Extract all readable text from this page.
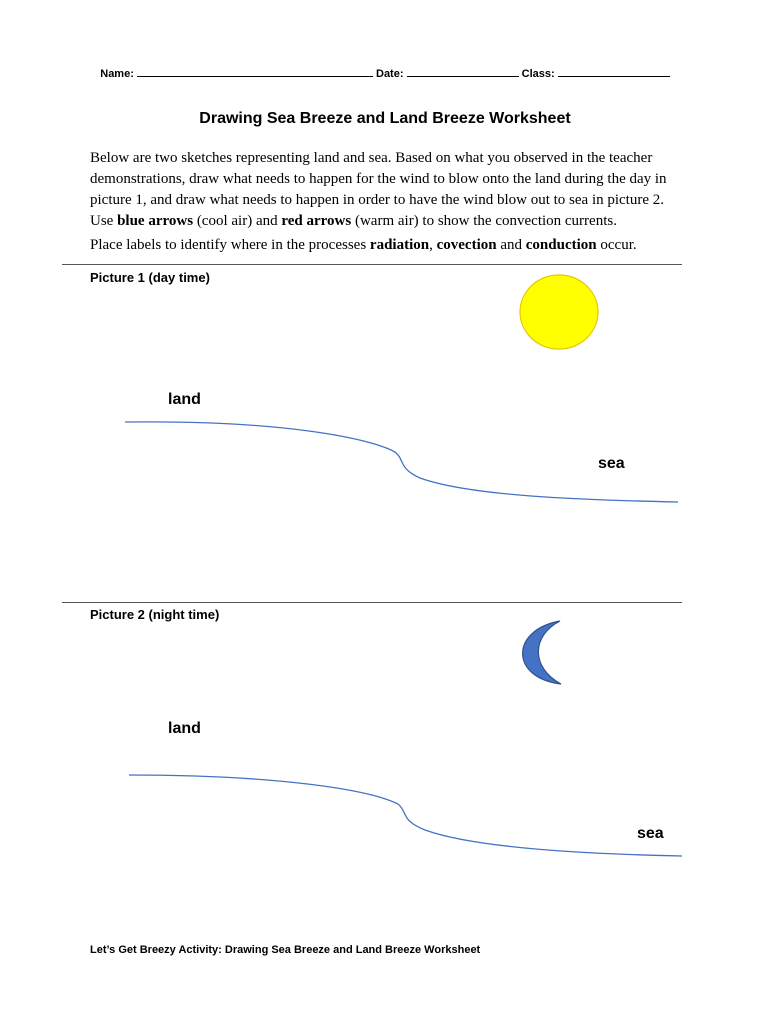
Name:	Date:	Class:
Drawing Sea Breeze and Land Breeze Worksheet
Below are two sketches representing land and sea. Based on what you observed in the teacher demonstrations, draw what needs to happen for the wind to blow onto the land during the day in picture 1, and draw what needs to happen in order to have the wind blow out to sea in picture 2. Use blue arrows (cool air) and red arrows (warm air) to show the convection currents.
Place labels to identify where in the processes radiation, covection and conduction occur.
Picture 1 (day time)
land
sea
Picture 2 (night time)
land
sea
Let’s Get Breezy Activity: Drawing Sea Breeze and Land Breeze Worksheet
